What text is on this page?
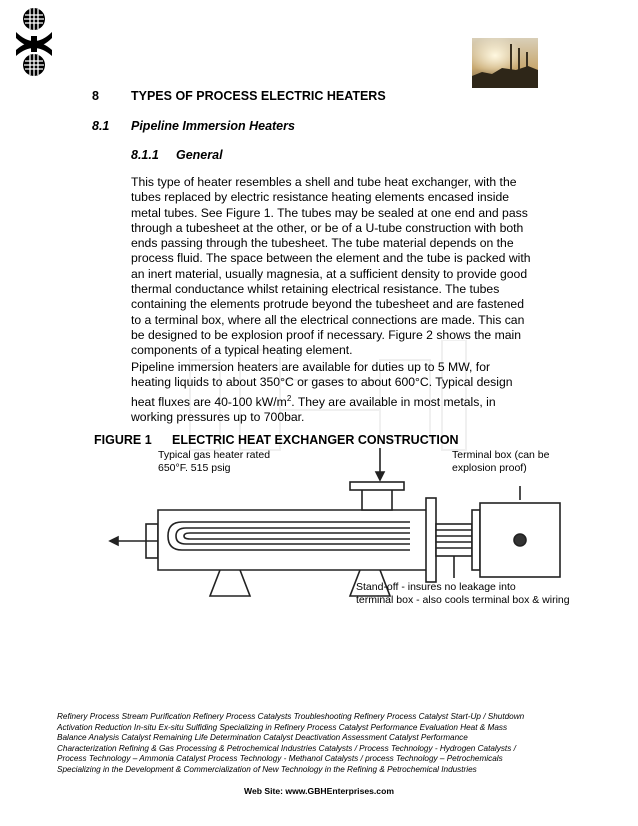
8	TYPES OF PROCESS ELECTRIC HEATERS
8.1 Pipeline Immersion Heaters
8.1.1 General
This type of heater resembles a shell and tube heat exchanger, with the
tubes replaced by electric resistance heating elements encased inside
metal tubes. See Figure 1. The tubes may be sealed at one end and pass
through a tubesheet at the other, or be of a U-tube construction with both
ends passing through the tubesheet. The tube material depends on the
process fluid. The space between the element and the tube is packed with
an inert material, usually magnesia, at a sufficient density to provide good
thermal conductance whilst retaining electrical resistance. The tubes
containing the elements protrude beyond the tubesheet and are fastened
to a terminal box, where all the electrical connections are made. This can
be designed to be explosion proof if necessary. Figure 2 shows the main
components of a typical heating element.
Pipeline immersion heaters are available for duties up to 5 MW, for
heating liquids to about 350°C or gases to about 600°C. Typical design
heat fluxes are 40-100 $kW/m^2$. They are available in most metals, in
working pressures up to 700bar.
FIGURE 1 ELECTRIC HEAT EXCHANGER CONSTRUCTION
Typical gas heater rated
650°F. 515 psig
Terminal box (can be
explosion proof)
Stand-off - insures no leakage into
terminal box - also cools terminal box & wiring
Refinery Process Stream Purification Refinery Process Catalysts Troubleshooting Refinery Process Catalyst Start-Up / Shutdown
Activation Reduction In-situ Ex-situ Sulfiding Specializing in Refinery Process Catalyst Performance Evaluation Heat & Mass
Balance Analysis Catalyst Remaining Life Determination Catalyst Deactivation Assessment Catalyst Performance
Characterization Refining & Gas Processing & Petrochemical Industries Catalysts / Process Technology - Hydrogen Catalysts /
Process Technology – Ammonia Catalyst Process Technology - Methanol Catalysts / process Technology – Petrochemicals
Specializing in the Development & Commercialization of New Technology in the Refining & Petrochemical Industries
Web Site: www.GBHEnterprises.com
